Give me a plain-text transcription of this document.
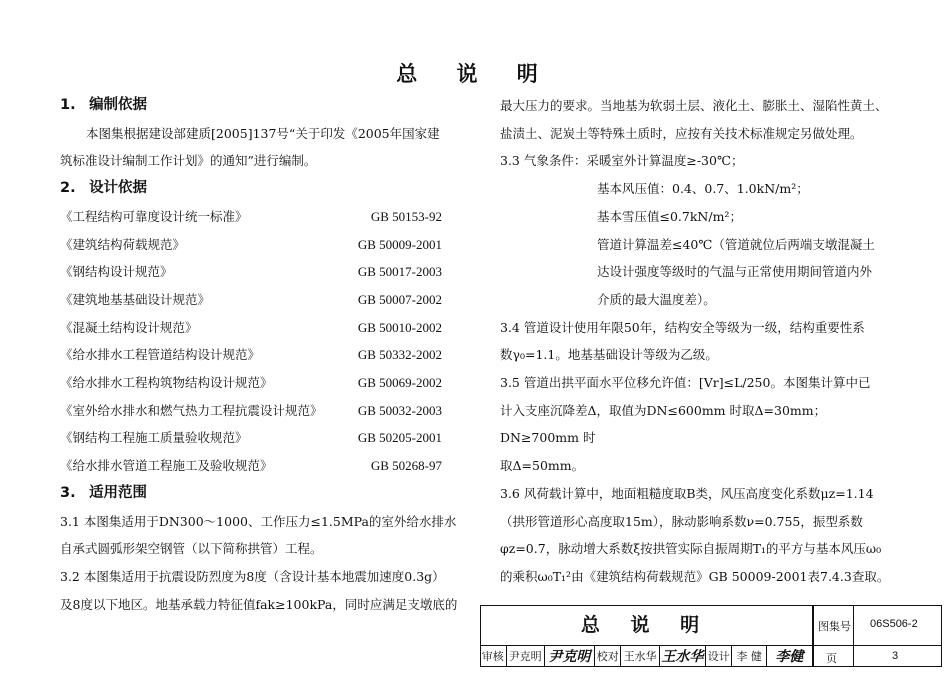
总 说 明
1. 编制依据
本图集根据建设部建质[2005]137号“关于印发《2005年国家建
筑标准设计编制工作计划》的通知”进行编制。
2. 设计依据
《工程结构可靠度设计统一标准》	GB 50153-92
《建筑结构荷载规范》	GB 50009-2001
《钢结构设计规范》	GB 50017-2003
《建筑地基基础设计规范》	GB 50007-2002
《混凝土结构设计规范》	GB 50010-2002
《给水排水工程管道结构设计规范》	GB 50332-2002
《给水排水工程构筑物结构设计规范》	GB 50069-2002
《室外给水排水和燃气热力工程抗震设计规范》	GB 50032-2003
《钢结构工程施工质量验收规范》	GB 50205-2001
《给水排水管道工程施工及验收规范》	GB 50268-97
3. 适用范围
3.1 本图集适用于DN300～1000、工作压力≤1.5MPa的室外给水排水
自承式圆弧形架空钢管（以下简称拱管）工程。
3.2 本图集适用于抗震设防烈度为8度（含设计基本地震加速度0.3g）
及8度以下地区。地基承载力特征值fak≥100kPa，同时应满足支墩底的
最大压力的要求。当地基为软弱土层、液化土、膨胀土、湿陷性黄土、
盐渍土、泥炭土等特殊土质时，应按有关技术标准规定另做处理。
3.3 气象条件：采暖室外计算温度≥-30℃；
基本风压值：0.4、0.7、1.0kN/m²；
基本雪压值≤0.7kN/m²；
管道计算温差≤40℃（管道就位后两端支墩混凝土
达设计强度等级时的气温与正常使用期间管道内外
介质的最大温度差）。
3.4 管道设计使用年限50年，结构安全等级为一级，结构重要性系
数γ₀=1.1。地基基础设计等级为乙级。
3.5 管道出拱平面水平位移允许值：[Vr]≤L/250。本图集计算中已
计入支座沉降差Δ，取值为DN≤600mm 时取Δ=30mm；DN≥700mm 时
取Δ=50mm。
3.6 风荷载计算中，地面粗糙度取B类，风压高度变化系数μz=1.14
（拱形管道形心高度取15m），脉动影响系数ν=0.755，振型系数
φz=0.7，脉动增大系数ξ按拱管实际自振周期T₁的平方与基本风压ω₀
的乘积ω₀T₁²由《建筑结构荷载规范》GB 50009-2001表7.4.3查取。
总 说 明	图集号 06S506-2
页	3
审核 尹克明 尹克明 校对 王水华 王水华 设计 李 健 李健
